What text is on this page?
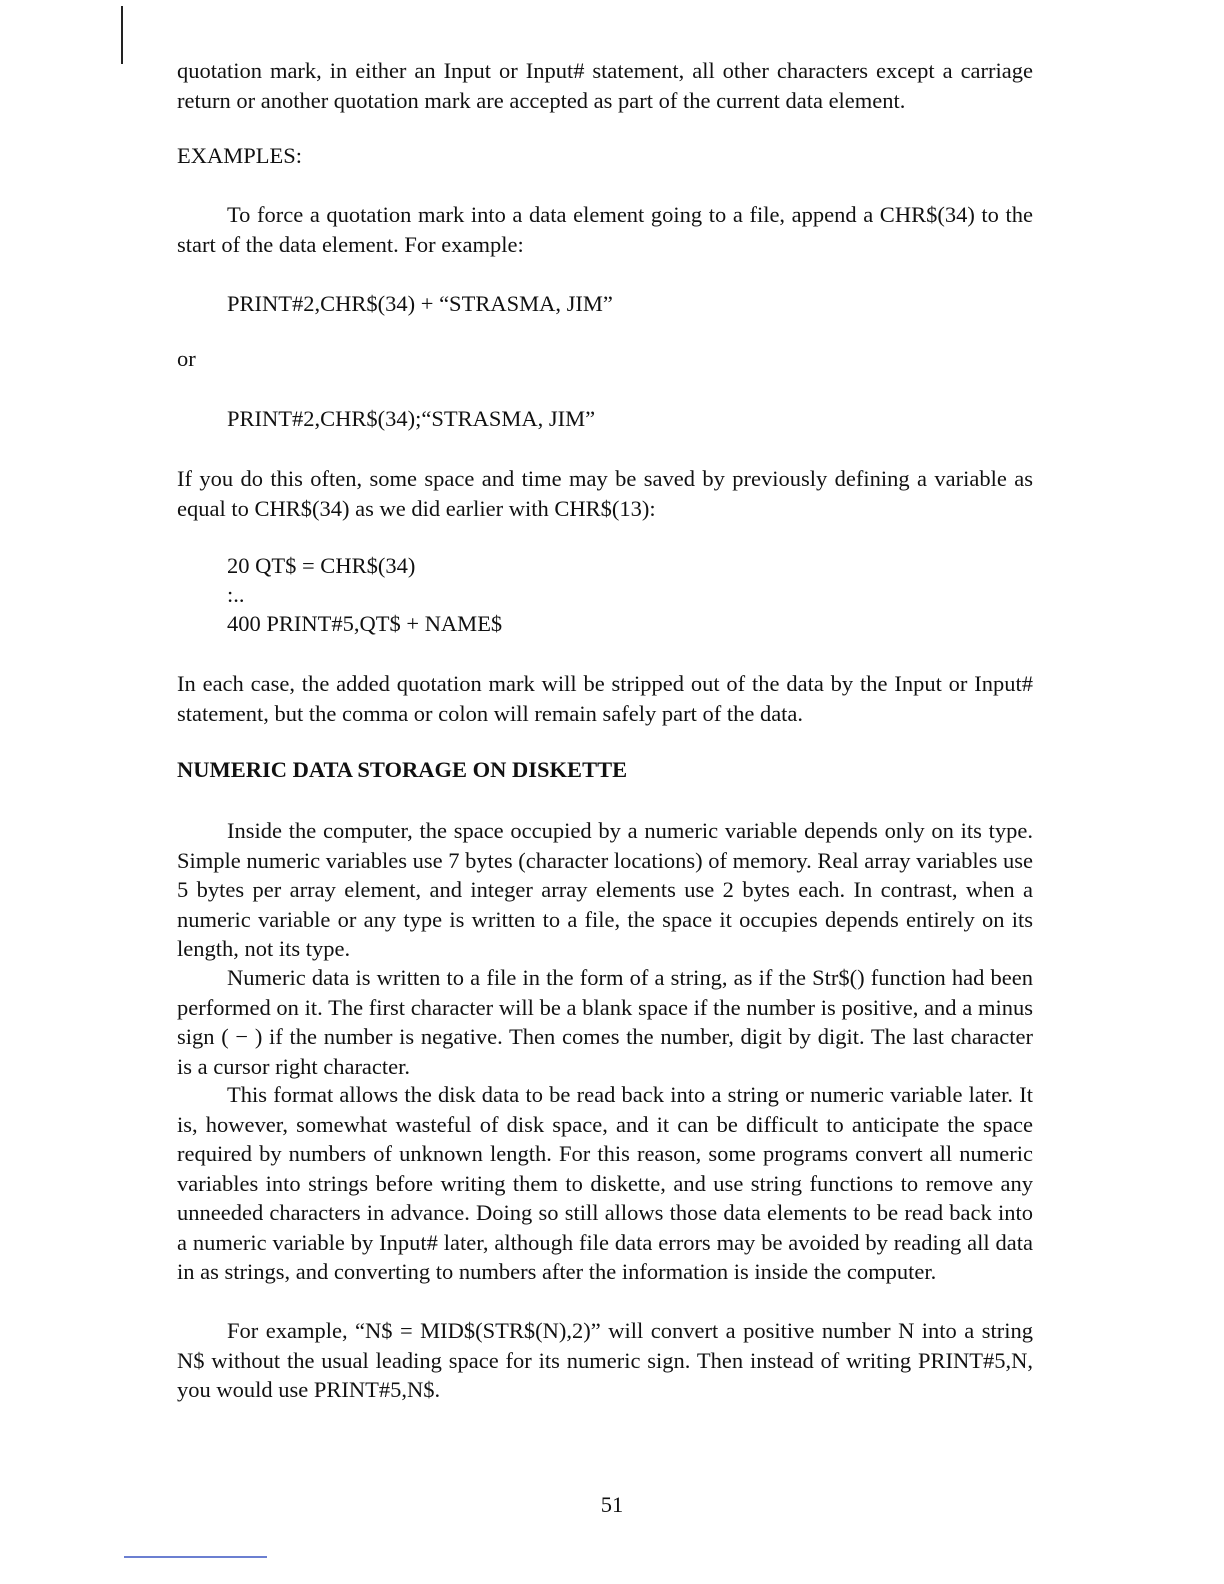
quotation mark, in either an Input or Input# statement, all other characters except a carriage return or another quotation mark are accepted as part of the current data element.

EXAMPLES:

To force a quotation mark into a data element going to a file, append a CHR$(34) to the start of the data element. For example:

PRINT#2,CHR$(34) + “STRASMA, JIM”

or

PRINT#2,CHR$(34);“STRASMA, JIM”

If you do this often, some space and time may be saved by previously defining a variable as equal to CHR$(34) as we did earlier with CHR$(13):

20 QT$ = CHR$(34)

:..

400 PRINT#5,QT$ + NAME$

In each case, the added quotation mark will be stripped out of the data by the Input or Input# statement, but the comma or colon will remain safely part of the data.

NUMERIC DATA STORAGE ON DISKETTE

Inside the computer, the space occupied by a numeric variable depends only on its type. Simple numeric variables use 7 bytes (character locations) of memory. Real array variables use 5 bytes per array element, and integer array elements use 2 bytes each. In contrast, when a numeric variable or any type is written to a file, the space it occupies depends entirely on its length, not its type.

Numeric data is written to a file in the form of a string, as if the Str$() function had been performed on it. The first character will be a blank space if the number is positive, and a minus sign ( − ) if the number is negative. Then comes the number, digit by digit. The last character is a cursor right character.

This format allows the disk data to be read back into a string or numeric variable later. It is, however, somewhat wasteful of disk space, and it can be difficult to anticipate the space required by numbers of unknown length. For this reason, some programs convert all numeric variables into strings before writing them to diskette, and use string functions to remove any unneeded characters in advance. Doing so still allows those data elements to be read back into a numeric variable by Input# later, although file data errors may be avoided by reading all data in as strings, and converting to numbers after the information is inside the computer.

For example, “N$ = MID$(STR$(N),2)” will convert a positive number N into a string N$ without the usual leading space for its numeric sign. Then instead of writing PRINT#5,N, you would use PRINT#5,N$.

51
